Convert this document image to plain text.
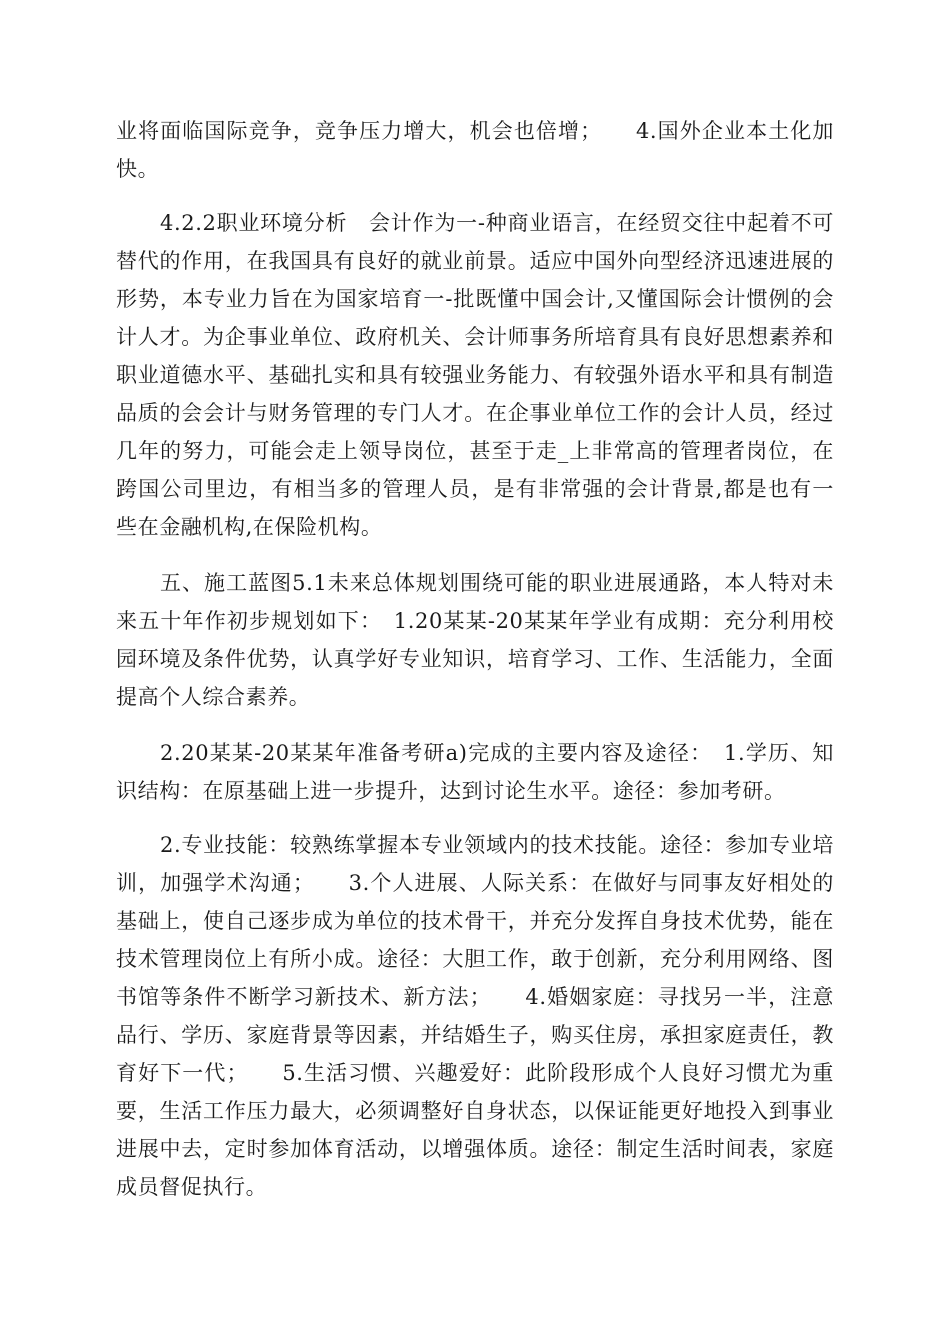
业将面临国际竞争，竞争压力增大，机会也倍增；　　4.国外企业本土化加快。

4.2.2职业环境分析　会计作为一-种商业语言，在经贸交往中起着不可替代的作用，在我国具有良好的就业前景。适应中国外向型经济迅速进展的形势，本专业力旨在为国家培育一-批既懂中国会计,又懂国际会计惯例的会计人才。为企事业单位、政府机关、会计师事务所培育具有良好思想素养和职业道德水平、基础扎实和具有较强业务能力、有较强外语水平和具有制造品质的会会计与财务管理的专门人才。在企事业单位工作的会计人员，经过几年的努力，可能会走上领导岗位，甚至于走_上非常高的管理者岗位，在跨国公司里边，有相当多的管理人员，是有非常强的会计背景,都是也有一些在金融机构,在保险机构。

五、施工蓝图5.1未来总体规划围绕可能的职业进展通路，本人特对未来五十年作初步规划如下：　1.20某某-20某某年学业有成期：充分利用校园环境及条件优势，认真学好专业知识，培育学习、工作、生活能力，全面提高个人综合素养。

2.20某某-20某某年准备考研a)完成的主要内容及途径：　1.学历、知识结构：在原基础上进一步提升，达到讨论生水平。途径：参加考研。

2.专业技能：较熟练掌握本专业领域内的技术技能。途径：参加专业培训，加强学术沟通；　　3.个人进展、人际关系：在做好与同事友好相处的基础上，使自己逐步成为单位的技术骨干，并充分发挥自身技术优势，能在技术管理岗位上有所小成。途径：大胆工作，敢于创新，充分利用网络、图书馆等条件不断学习新技术、新方法；　　4.婚姻家庭：寻找另一半，注意品行、学历、家庭背景等因素，并结婚生子，购买住房，承担家庭责任，教育好下一代；　　5.生活习惯、兴趣爱好：此阶段形成个人良好习惯尤为重要，生活工作压力最大，必须调整好自身状态，以保证能更好地投入到事业进展中去，定时参加体育活动，以增强体质。途径：制定生活时间表，家庭成员督促执行。
